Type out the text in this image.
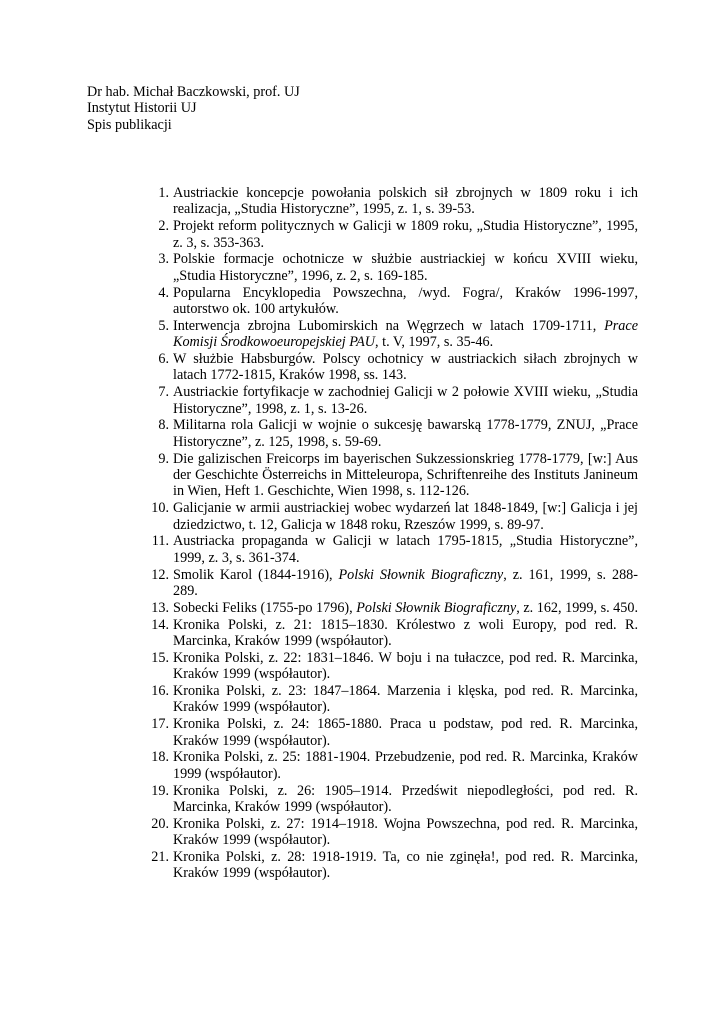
Dr hab. Michał Baczkowski, prof. UJ
Instytut Historii UJ
Spis publikacji
1. Austriackie koncepcje powołania polskich sił zbrojnych w 1809 roku i ich realizacja, „Studia Historyczne”, 1995, z. 1, s. 39-53.
2. Projekt reform politycznych w Galicji w 1809 roku, „Studia Historyczne”, 1995, z. 3, s. 353-363.
3. Polskie formacje ochotnicze w służbie austriackiej w końcu XVIII wieku, „Studia Historyczne”, 1996, z. 2, s. 169-185.
4. Popularna Encyklopedia Powszechna, /wyd. Fogra/, Kraków 1996-1997, autorstwo ok. 100 artykułów.
5. Interwencja zbrojna Lubomirskich na Węgrzech w latach 1709-1711, Prace Komisji Środkowoeuropejskiej PAU, t. V, 1997, s. 35-46.
6. W służbie Habsburgów. Polscy ochotnicy w austriackich siłach zbrojnych w latach 1772-1815, Kraków 1998, ss. 143.
7. Austriackie fortyfikacje w zachodniej Galicji w 2 połowie XVIII wieku, „Studia Historyczne”, 1998, z. 1, s. 13-26.
8. Militarna rola Galicji w wojnie o sukcesję bawarską 1778-1779, ZNUJ, „Prace Historyczne”, z. 125, 1998, s. 59-69.
9. Die galizischen Freicorps im bayerischen Sukzessionskrieg 1778-1779, [w:] Aus der Geschichte Österreichs in Mitteleuropa, Schriftenreihe des Instituts Janineum in Wien, Heft 1. Geschichte, Wien 1998, s. 112-126.
10. Galicjanie w armii austriackiej wobec wydarzeń lat 1848-1849, [w:] Galicja i jej dziedzictwo, t. 12, Galicja w 1848 roku, Rzeszów 1999, s. 89-97.
11. Austriacka propaganda w Galicji w latach 1795-1815, „Studia Historyczne”, 1999, z. 3, s. 361-374.
12. Smolik Karol (1844-1916), Polski Słownik Biograficzny, z. 161, 1999, s. 288-289.
13. Sobecki Feliks (1755-po 1796), Polski Słownik Biograficzny, z. 162, 1999, s. 450.
14. Kronika Polski, z. 21: 1815–1830. Królestwo z woli Europy, pod red. R. Marcinka, Kraków 1999 (współautor).
15. Kronika Polski, z. 22: 1831–1846. W boju i na tułaczce, pod red. R. Marcinka, Kraków 1999 (współautor).
16. Kronika Polski, z. 23: 1847–1864. Marzenia i klęska, pod red. R. Marcinka, Kraków 1999 (współautor).
17. Kronika Polski, z. 24: 1865-1880. Praca u podstaw, pod red. R. Marcinka, Kraków 1999 (współautor).
18. Kronika Polski, z. 25: 1881-1904. Przebudzenie, pod red. R. Marcinka, Kraków 1999 (współautor).
19. Kronika Polski, z. 26: 1905–1914. Przedświt niepodległości, pod red. R. Marcinka, Kraków 1999 (współautor).
20. Kronika Polski, z. 27: 1914–1918. Wojna Powszechna, pod red. R. Marcinka, Kraków 1999 (współautor).
21. Kronika Polski, z. 28: 1918-1919. Ta, co nie zginęła!, pod red. R. Marcinka, Kraków 1999 (współautor).
